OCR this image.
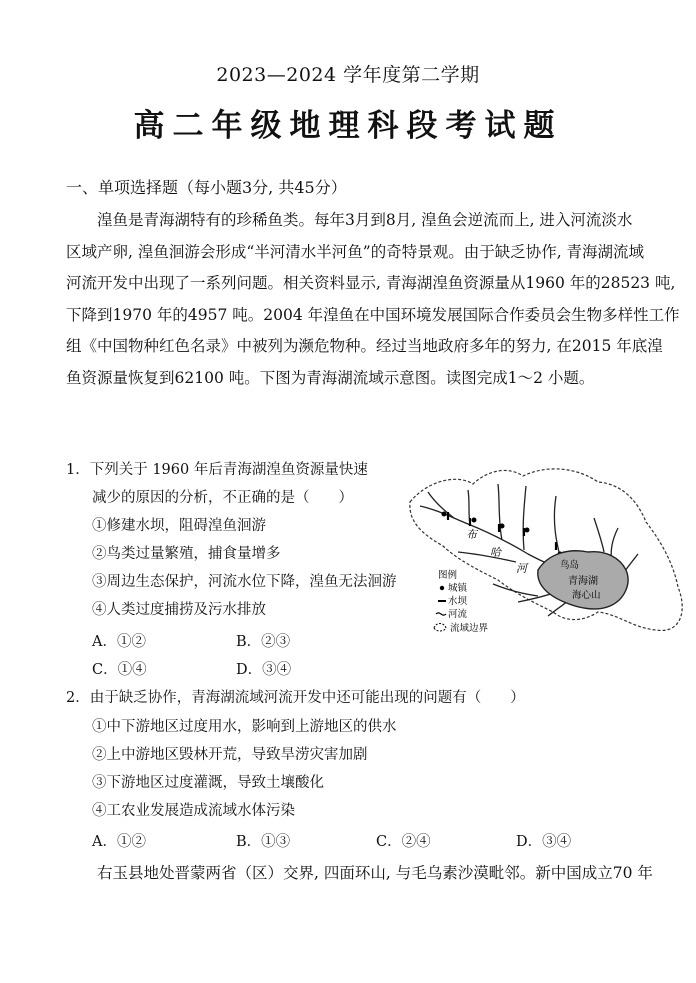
2023—2024 学年度第二学期
高二年级地理科段考试题
一、单项选择题（每小题3分, 共45分）
湟鱼是青海湖特有的珍稀鱼类。每年3月到8月, 湟鱼会逆流而上, 进入河流淡水
区域产卵, 湟鱼洄游会形成“半河清水半河鱼”的奇特景观。由于缺乏协作, 青海湖流域
河流开发中出现了一系列问题。相关资料显示, 青海湖湟鱼资源量从1960 年的28523 吨,
下降到1970 年的4957 吨。2004 年湟鱼在中国环境发展国际合作委员会生物多样性工作
组《中国物种红色名录》中被列为濒危物种。经过当地政府多年的努力, 在2015 年底湟
鱼资源量恢复到62100 吨。下图为青海湖流域示意图。读图完成1～2 小题。
1．下列关于 1960 年后青海湖湟鱼资源量快速
减少的原因的分析，不正确的是（　　）
①修建水坝，阻碍湟鱼洄游
②鸟类过量繁殖，捕食量增多
③周边生态保护，河流水位下降，湟鱼无法洄游
④人类过度捕捞及污水排放
A．①②	B．②③
C．①④	D．③④
布
哈
河	鸟岛
青海湖
海心山
图例
城镇
水坝
河流
流域边界
2．由于缺乏协作，青海湖流域河流开发中还可能出现的问题有（　　）
①中下游地区过度用水，影响到上游地区的供水
②上中游地区毁林开荒，导致旱涝灾害加剧
③下游地区过度灌溉，导致土壤酸化
④工农业发展造成流域水体污染
A．①②	B．①③	C．②④	D．③④
右玉县地处晋蒙两省（区）交界, 四面环山, 与毛乌素沙漠毗邻。新中国成立70 年
